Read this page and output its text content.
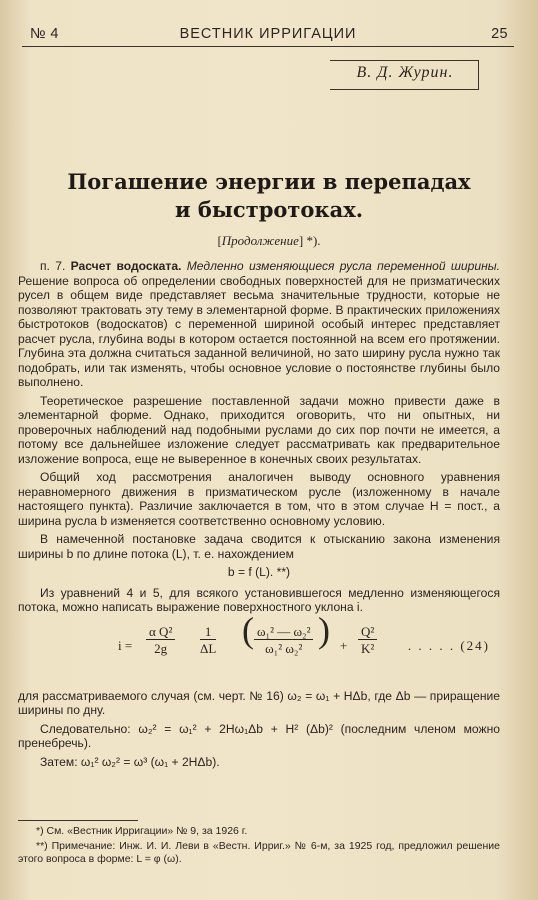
№ 4	ВЕСТНИК ИРРИГАЦИИ	25
В. Д. Журин.
Погашение энергии в перепадах
и быстротоках.
[Продолжение] *).

п. 7. Расчет водоската. Медленно изменяющиеся русла переменной ширины. Решение вопроса об определении свободных поверхностей для не призматических русел в общем виде представляет весьма значительные трудности, которые не позволяют трактовать эту тему в элементарной форме. В практических приложениях быстротоков (водоскатов) с переменной шириной особый интерес представляет расчет русла, глубина воды в котором остается постоянной на всем его протяжении. Глубина эта должна считаться заданной величиной, но зато ширину русла нужно так подобрать, или так изменять, чтобы основное условие о постоянстве глубины было выполнено.

Теоретическое разрешение поставленной задачи можно привести даже в элементарной форме. Однако, приходится оговорить, что ни опытных, ни проверочных наблюдений над подобными руслами до сих пор почти не имеется, а потому все дальнейшее изложение следует рассматривать как предварительное изложение вопроса, еще не выверенное в конечных своих результатах.

Общий ход рассмотрения аналогичен выводу основного уравнения неравномерного движения в призматическом русле (изложенному в начале настоящего пункта). Различие заключается в том, что в этом случае H = пост., а ширина русла b изменяется соответственно основному условию.

В намеченной постановке задача сводится к отысканию закона изменения ширины b по длине потока (L), т. е. нахождением

b = f (L). **)

Из уравнений 4 и 5, для всякого установившегося медленно изменяющегося потока, можно написать выражение поверхностного уклона i.

$i = \frac{\text{α Q²}}{2g} \frac{1}{\Delta L}$ ( $\frac{\text{ω₁² — ω₂²}}{\text{ω₁² ω₂²}}$ ) + $\frac{\text{Q²}}{\text{K²}}$ . . . . . (24)

для рассматриваемого случая (см. черт. № 16) ω₂ = ω₁ + HΔb, где Δb — приращение ширины по дну.

Следовательно: ω₂² = ω₁² + 2Hω₁Δb + H² (Δb)² (последним членом можно пренебречь).

Затем: ω₁² ω₂² = ω³ (ω₁ + 2HΔb).

*) См. «Вестник Ирригации» № 9, за 1926 г.

**) Примечание: Инж. И. И. Леви в «Вестн. Ирриг.» № 6-м, за 1925 год, предложил решение этого вопроса в форме: L = φ (ω).
